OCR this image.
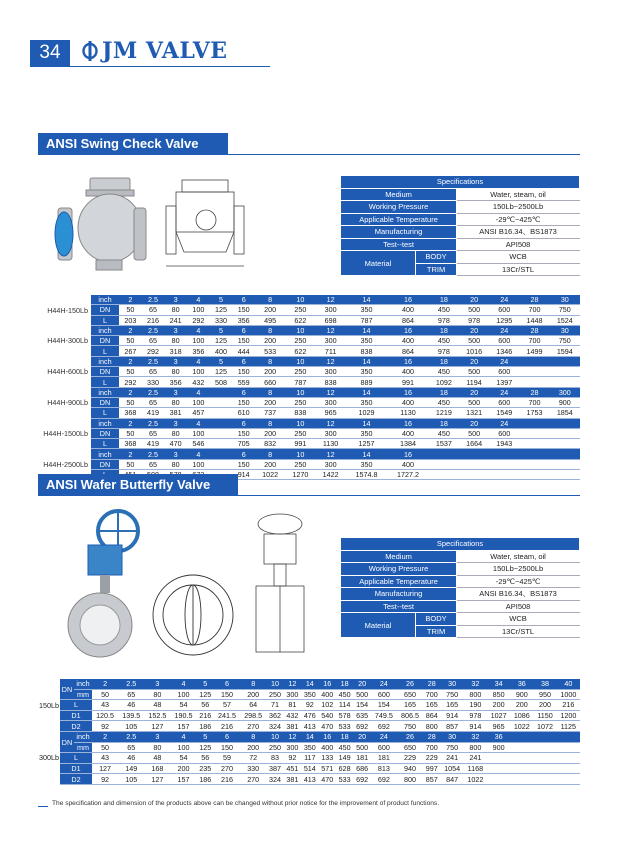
34	JM VALVE
ANSI Swing Check Valve
Specifications		
Medium		Water, steam, oil
Working Pressure		150Lb~2500Lb
Applicable Temperature		-29℃~425℃
Manufacturing		ANSI B16.34、BS1873
Test--test		API508
Material	BODY	WCB
	TRIM	13Cr/STL
H44H-150Lb	inch	2	2.5	3	4	5	6	8	10	12	14	16	18	20	24	28	30
	DN	50	65	80	100	125	150	200	250	300	350	400	450	500	600	700	750
	L	203	216	241	292	330	356	495	622	698	787	864	978	978	1295	1448	1524
H44H-300Lb	inch	2	2.5	3	4	5	6	8	10	12	14	16	18	20	24	28	30
	DN	50	65	80	100	125	150	200	250	300	350	400	450	500	600	700	750
	L	267	292	318	356	400	444	533	622	711	838	864	978	1016	1346	1499	1594
H44H-600Lb	inch	2	2.5	3	4	5	6	8	10	12	14	16	18	20	24		
	DN	50	65	80	100	125	150	200	250	300	350	400	450	500	600		
	L	292	330	356	432	508	559	660	787	838	889	991	1092	1194	1397		
H44H-900Lb	inch	2	2.5	3	4		6	8	10	12	14	16	18	20	24	28	300
	DN	50	65	80	100		150	200	250	300	350	400	450	500	600	700	900
	L	368	419	381	457		610	737	838	965	1029	1130	1219	1321	1549	1753	1854
H44H-1500Lb	inch	2	2.5	3	4		6	8	10	12	14	16	18	20	24		
	DN	50	65	80	100		150	200	250	300	350	400	450	500	600		
	L	368	419	470	546		705	832	991	1130	1257	1384	1537	1664	1943		
H44H-2500Lb	inch	2	2.5	3	4		6	8	10	12	14	16					
	DN	50	65	80	100		150	200	250	300	350	400					
						914	1022	1270	1422	1574.8	1727.2					
ANSI Wafer Butterfly Valve
Specifications		
Medium		Water, steam, oil
Working Pressure		150Lb~2500Lb
Applicable Temperature		-29℃~425℃
Manufacturing		ANSI B16.34、BS1873
Test--test		API508
Material	BODY	WCB
	TRIM	13Cr/STL
150Lb	DN	inch	2	2.5	3	4	5	6	8	10	12	14	16	18	20	24	26	28	30	32	34	36	38	40
		mm	50	65	80	100	125	150	200	250	300	350	400	450	500	600	650	700	750	800	850	900	950	1000
	L		43	46	48	54	56	57	64	71	81	92	102	114	154	154	165	165	165	190	200	200	200	216
	D1		120.5	139.5	152.5	190.5	216	241.5	298.5	362	432	476	540	578	635	749.5	806.5	864	914	978	1027	1086	1150	1200
	D2		92	105	127	157	186	216	270	324	381	413	470	533	692	692	750	800	857	914	965	1022	1072	1125
300Lb	DN	inch	2	2.5	3	4	5	6	8	10	12	14	16	18	20	24	26	28	30	32	36			
		mm	50	65	80	100	125	150	200	250	300	350	400	450	500	600	650	700	750	800	900			
	L		43	46	48	54	56	59	72	83	92	117	133	149	181	181	229	229	241	241				
	D1		127	149	168	200	235	270	330	387	451	514	571	628	686	813	940	997	1054	1168				
	D2		92	105	127	157	186	216	270	324	381	413	470	533	692	692	800	857	847	1022				
The specification and dimension of the products above can be changed without prior notice for the improvement of product functions.
